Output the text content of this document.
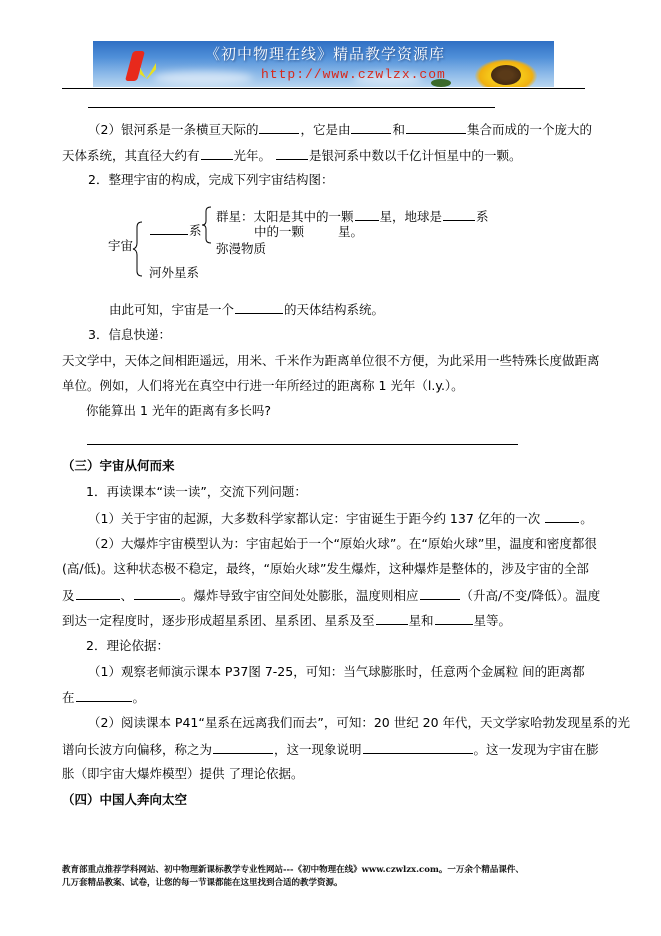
《初中物理在线》精品教学资源库
http://www.czwlzx.com
（2）银河系是一条横亘天际的	，它是由	和	集合而成的一个庞大的
天体系统，其直径大约有	光年。	是银河系中数以千亿计恒星中的一颗。
2．整理宇宙的构成，完成下列宇宙结构图：
宇宙
系
群星：太阳是其中的一颗 星，地球是	系
中的一颗	星。
弥漫物质
河外星系
由此可知，宇宙是一个	的天体结构系统。
3．信息快递：
天文学中，天体之间相距遥远，用米、千米作为距离单位很不方便，为此采用一些特殊长度做距离
单位。例如，人们将光在真空中行进一年所经过的距离称 1 光年（l.y.）。
你能算出 1 光年的距离有多长吗?
（三）宇宙从何而来
1．再读课本“读一读”，交流下列问题：
（1）关于宇宙的起源，大多数科学家都认定：宇宙诞生于距今约 137 亿年的一次	。
（2）大爆炸宇宙模型认为：宇宙起始于一个“原始火球”。在“原始火球”里，温度和密度都很
(高/低)。这种状态极不稳定，最终，“原始火球”发生爆炸，这种爆炸是整体的，涉及宇宙的全部
及	、	。爆炸导致宇宙空间处处膨胀，温度则相应	（升高/不变/降低）。温度
到达一定程度时，逐步形成超星系团、星系团、星系及至	星和	星等。
2．理论依据：
（1）观察老师演示课本 P37图 7-25，可知：当气球膨胀时，任意两个金属粒 间的距离都
在	。
（2）阅读课本 P41“星系在远离我们而去”，可知：20 世纪 20 年代，天文学家哈勃发现星系的光
谱向长波方向偏移，称之为	，这一现象说明	。这一发现为宇宙在膨
胀（即宇宙大爆炸模型）提供 了理论依据。
（四）中国人奔向太空
教育部重点推荐学科网站、初中物理新课标教学专业性网站---《初中物理在线》www.czwlzx.com。一万余个精品课件、
几万套精品教案、试卷，让您的每一节课都能在这里找到合适的教学资源。
